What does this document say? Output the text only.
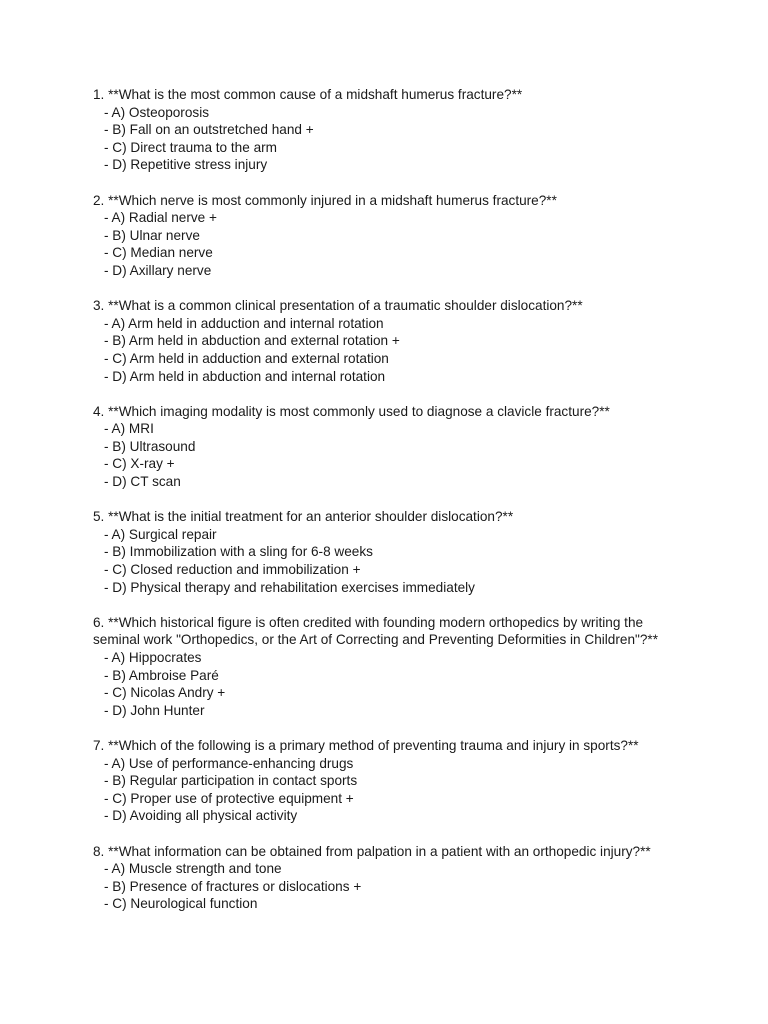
1. **What is the most common cause of a midshaft humerus fracture?**

- A) Osteoporosis

- B) Fall on an outstretched hand +

- C) Direct trauma to the arm

- D) Repetitive stress injury

2. **Which nerve is most commonly injured in a midshaft humerus fracture?**

- A) Radial nerve +

- B) Ulnar nerve

- C) Median nerve

- D) Axillary nerve

3. **What is a common clinical presentation of a traumatic shoulder dislocation?**

- A) Arm held in adduction and internal rotation

- B) Arm held in abduction and external rotation +

- C) Arm held in adduction and external rotation

- D) Arm held in abduction and internal rotation

4. **Which imaging modality is most commonly used to diagnose a clavicle fracture?**

- A) MRI

- B) Ultrasound

- C) X-ray +

- D) CT scan

5. **What is the initial treatment for an anterior shoulder dislocation?**

- A) Surgical repair

- B) Immobilization with a sling for 6-8 weeks

- C) Closed reduction and immobilization +

- D) Physical therapy and rehabilitation exercises immediately

6. **Which historical figure is often credited with founding modern orthopedics by writing the seminal work "Orthopedics, or the Art of Correcting and Preventing Deformities in Children"?**

- A) Hippocrates

- B) Ambroise Paré

- C) Nicolas Andry +

- D) John Hunter

7. **Which of the following is a primary method of preventing trauma and injury in sports?**

- A) Use of performance-enhancing drugs

- B) Regular participation in contact sports

- C) Proper use of protective equipment +

- D) Avoiding all physical activity

8. **What information can be obtained from palpation in a patient with an orthopedic injury?**

- A) Muscle strength and tone

- B) Presence of fractures or dislocations +

- C) Neurological function
